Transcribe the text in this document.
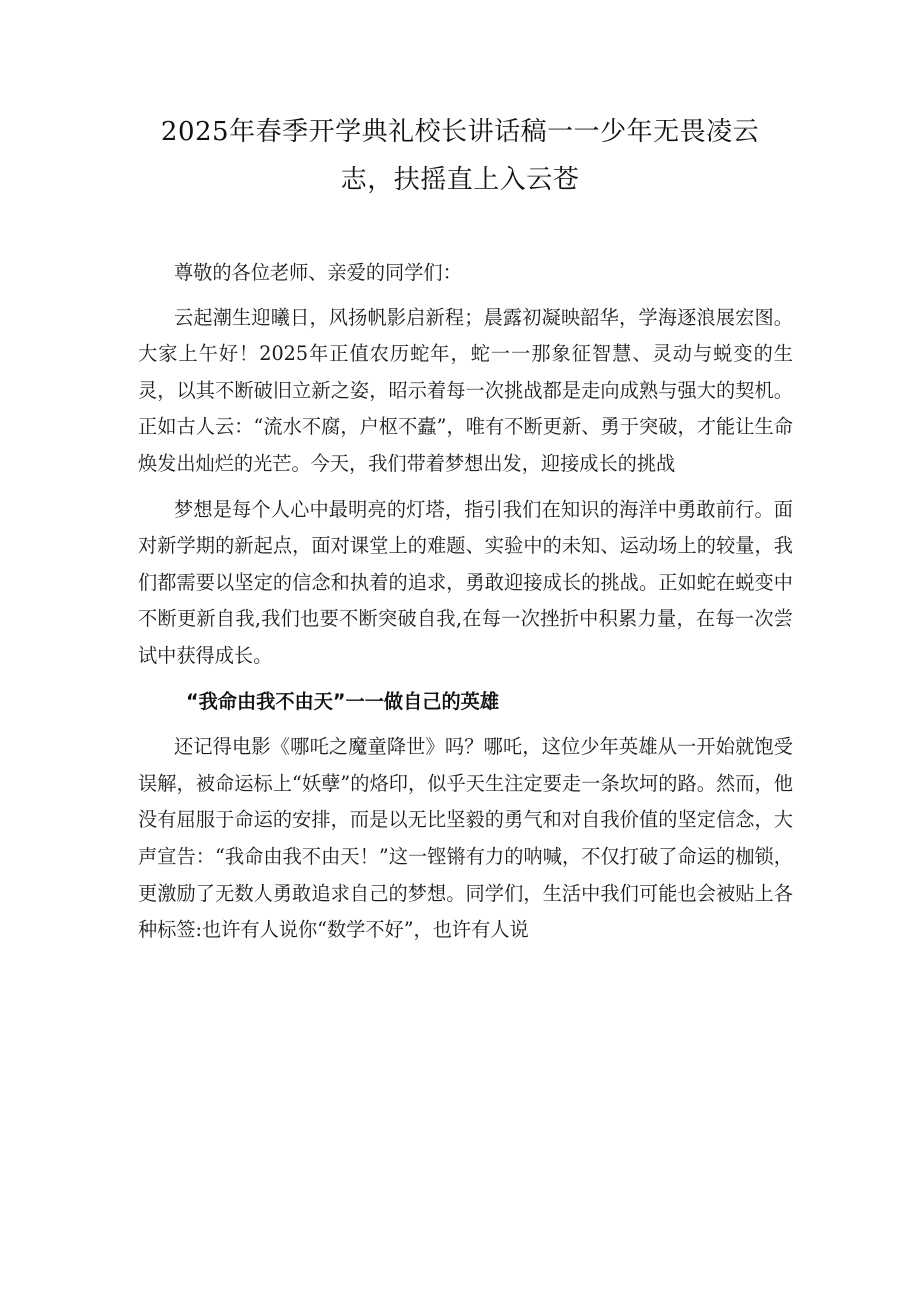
2025年春季开学典礼校长讲话稿一一少年无畏凌云
志，扶摇直上入云苍

尊敬的各位老师、亲爱的同学们：

云起潮生迎曦日，风扬帆影启新程；晨露初凝映韶华，学海逐浪展宏图。大家上午好！2025年正值农历蛇年，蛇一一那象征智慧、灵动与蜕变的生灵，以其不断破旧立新之姿，昭示着每一次挑战都是走向成熟与强大的契机。正如古人云：“流水不腐，户枢不蠹”，唯有不断更新、勇于突破，才能让生命焕发出灿烂的光芒。今天，我们带着梦想出发，迎接成长的挑战

梦想是每个人心中最明亮的灯塔，指引我们在知识的海洋中勇敢前行。面对新学期的新起点，面对课堂上的难题、实验中的未知、运动场上的较量，我们都需要以坚定的信念和执着的追求，勇敢迎接成长的挑战。正如蛇在蜕变中不断更新自我,我们也要不断突破自我,在每一次挫折中积累力量，在每一次尝试中获得成长。

“我命由我不由天”一一做自己的英雄

还记得电影《哪吒之魔童降世》吗？哪吒，这位少年英雄从一开始就饱受误解，被命运标上“妖孽”的烙印，似乎天生注定要走一条坎坷的路。然而，他没有屈服于命运的安排，而是以无比坚毅的勇气和对自我价值的坚定信念，大声宣告：“我命由我不由天！”这一铿锵有力的呐喊，不仅打破了命运的枷锁，更激励了无数人勇敢追求自己的梦想。同学们，生活中我们可能也会被贴上各种标签:也许有人说你“数学不好”，也许有人说
